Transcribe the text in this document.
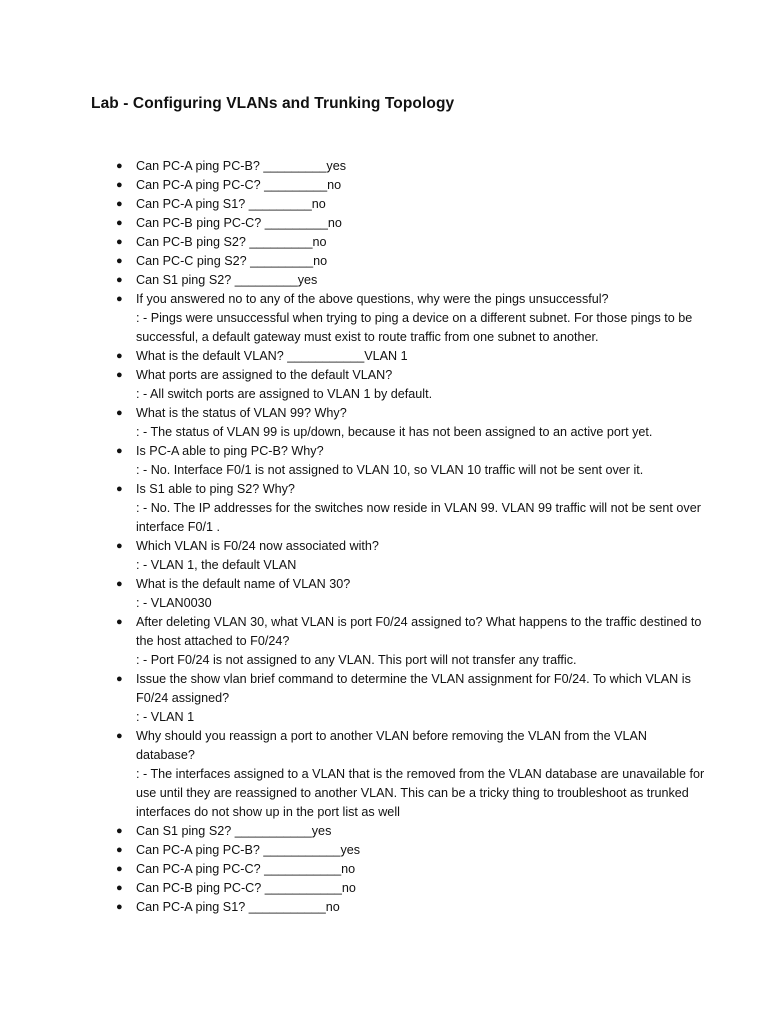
Lab - Configuring VLANs and Trunking Topology
● Can PC-A ping PC-B? _________yes
● Can PC-A ping PC-C? _________no
● Can PC-A ping S1? _________no
● Can PC-B ping PC-C? _________no
● Can PC-B ping S2? _________no
● Can PC-C ping S2? _________no
● Can S1 ping S2? _________yes
● If you answered no to any of the above questions, why were the pings unsuccessful?
: - Pings were unsuccessful when trying to ping a device on a different subnet. For those pings to be successful, a default gateway must exist to route traffic from one subnet to another.
● What is the default VLAN? ___________VLAN 1
● What ports are assigned to the default VLAN?
: - All switch ports are assigned to VLAN 1 by default.
● What is the status of VLAN 99? Why?
: - The status of VLAN 99 is up/down, because it has not been assigned to an active port yet.
● Is PC-A able to ping PC-B? Why?
: - No. Interface F0/1 is not assigned to VLAN 10, so VLAN 10 traffic will not be sent over it.
● Is S1 able to ping S2? Why?
: - No. The IP addresses for the switches now reside in VLAN 99. VLAN 99 traffic will not be sent over interface F0/1 .
● Which VLAN is F0/24 now associated with?
: - VLAN 1, the default VLAN
● What is the default name of VLAN 30?
: - VLAN0030
● After deleting VLAN 30, what VLAN is port F0/24 assigned to? What happens to the traffic destined to the host attached to F0/24?
: - Port F0/24 is not assigned to any VLAN. This port will not transfer any traffic.
● Issue the show vlan brief command to determine the VLAN assignment for F0/24. To which VLAN is F0/24 assigned?
: - VLAN 1
● Why should you reassign a port to another VLAN before removing the VLAN from the VLAN database?
: - The interfaces assigned to a VLAN that is the removed from the VLAN database are unavailable for use until they are reassigned to another VLAN. This can be a tricky thing to troubleshoot as trunked interfaces do not show up in the port list as well
● Can S1 ping S2? ___________yes
● Can PC-A ping PC-B? ___________yes
● Can PC-A ping PC-C? ___________no
● Can PC-B ping PC-C? ___________no
● Can PC-A ping S1? ___________no
